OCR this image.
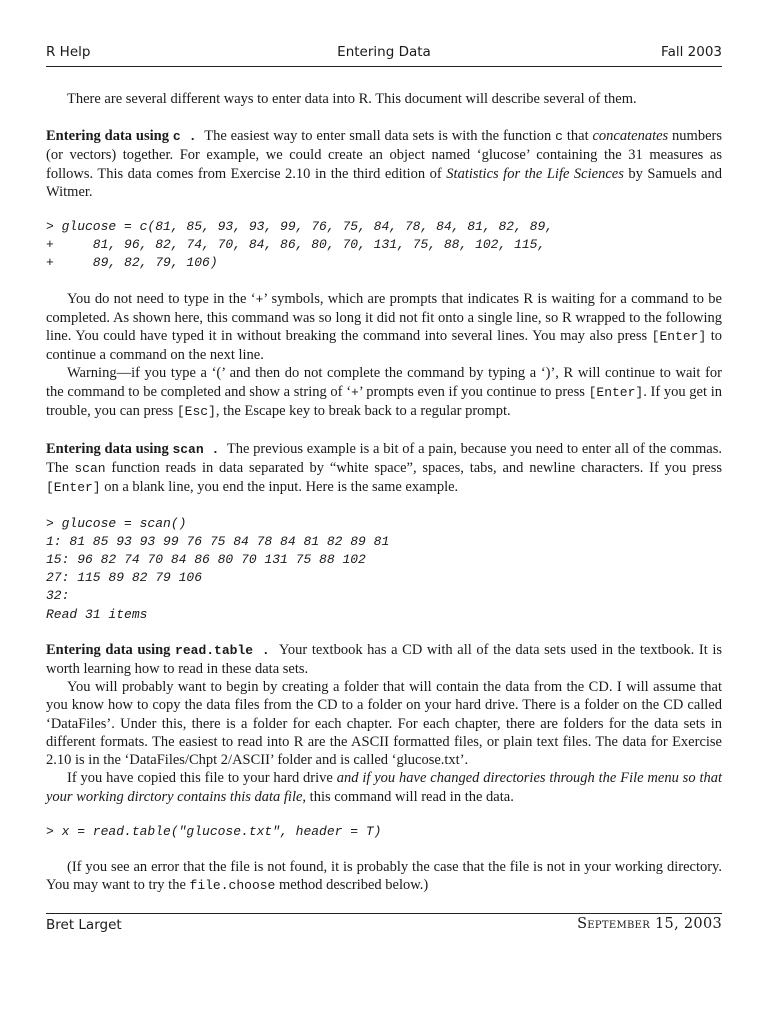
R Help	Entering Data	Fall 2003

There are several different ways to enter data into R. This document will describe several of them.

Entering data using c . The easiest way to enter small data sets is with the function c that concatenates numbers (or vectors) together. For example, we could create an object named ‘glucose’ containing the 31 measures as follows. This data comes from Exercise 2.10 in the third edition of Statistics for the Life Sciences by Samuels and Witmer.

> glucose = c(81, 85, 93, 93, 99, 76, 75, 84, 78, 84, 81, 82, 89,
+     81, 96, 82, 74, 70, 84, 86, 80, 70, 131, 75, 88, 102, 115,
+     89, 82, 79, 106)

You do not need to type in the ‘+’ symbols, which are prompts that indicates R is waiting for a command to be completed. As shown here, this command was so long it did not fit onto a single line, so R wrapped to the following line. You could have typed it in without breaking the command into several lines. You may also press [Enter] to continue a command on the next line.

Warning—if you type a ‘(’ and then do not complete the command by typing a ‘)’, R will continue to wait for the command to be completed and show a string of ‘+’ prompts even if you continue to press [Enter]. If you get in trouble, you can press [Esc], the Escape key to break back to a regular prompt.

Entering data using scan . The previous example is a bit of a pain, because you need to enter all of the commas. The scan function reads in data separated by “white space”, spaces, tabs, and newline characters. If you press [Enter] on a blank line, you end the input. Here is the same example.

> glucose = scan()
1: 81 85 93 93 99 76 75 84 78 84 81 82 89 81
15: 96 82 74 70 84 86 80 70 131 75 88 102
27: 115 89 82 79 106
32:
Read 31 items

Entering data using read.table . Your textbook has a CD with all of the data sets used in the textbook. It is worth learning how to read in these data sets.

You will probably want to begin by creating a folder that will contain the data from the CD. I will assume that you know how to copy the data files from the CD to a folder on your hard drive. There is a folder on the CD called ‘DataFiles’. Under this, there is a folder for each chapter. For each chapter, there are folders for the data sets in different formats. The easiest to read into R are the ASCII formatted files, or plain text files. The data for Exercise 2.10 is in the ‘DataFiles/Chpt 2/ASCII’ folder and is called ‘glucose.txt’.

If you have copied this file to your hard drive and if you have changed directories through the File menu so that your working dirctory contains this data file, this command will read in the data.

> x = read.table("glucose.txt", header = T)

(If you see an error that the file is not found, it is probably the case that the file is not in your working directory. You may want to try the file.choose method described below.)

Bret Larget	September 15, 2003
